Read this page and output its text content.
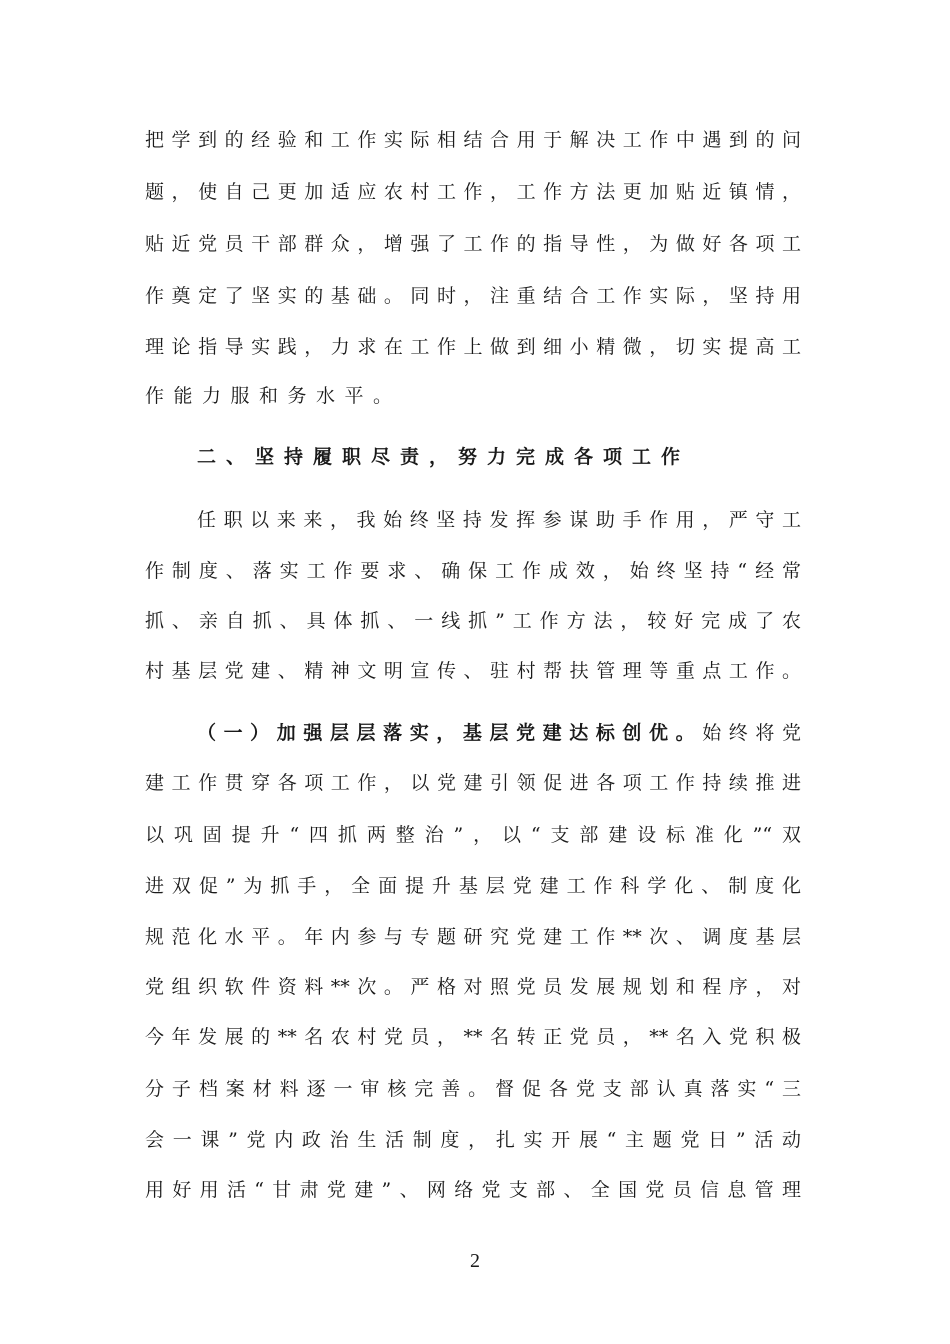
把学到的经验和工作实际相结合用于解决工作中遇到的问
题，使自己更加适应农村工作，工作方法更加贴近镇情，
贴近党员干部群众，增强了工作的指导性，为做好各项工
作奠定了坚实的基础。同时，注重结合工作实际，坚持用
理论指导实践，力求在工作上做到细小精微，切实提高工
作能力服和务水平。
二、坚持履职尽责，努力完成各项工作
任职以来来，我始终坚持发挥参谋助手作用，严守工
作制度、落实工作要求、确保工作成效，始终坚持“经常
抓、亲自抓、具体抓、一线抓”工作方法，较好完成了农
村基层党建、精神文明宣传、驻村帮扶管理等重点工作。
（一）加强层层落实，基层党建达标创优。始终将党
建工作贯穿各项工作，以党建引领促进各项工作持续推进
以巩固提升“四抓两整治”，以“支部建设标准化”“双
进双促”为抓手，全面提升基层党建工作科学化、制度化
规范化水平。年内参与专题研究党建工作**次、调度基层
党组织软件资料**次。严格对照党员发展规划和程序，对
今年发展的**名农村党员，**名转正党员，**名入党积极
分子档案材料逐一审核完善。督促各党支部认真落实“三
会一课”党内政治生活制度，扎实开展“主题党日”活动
用好用活“甘肃党建”、网络党支部、全国党员信息管理
2
